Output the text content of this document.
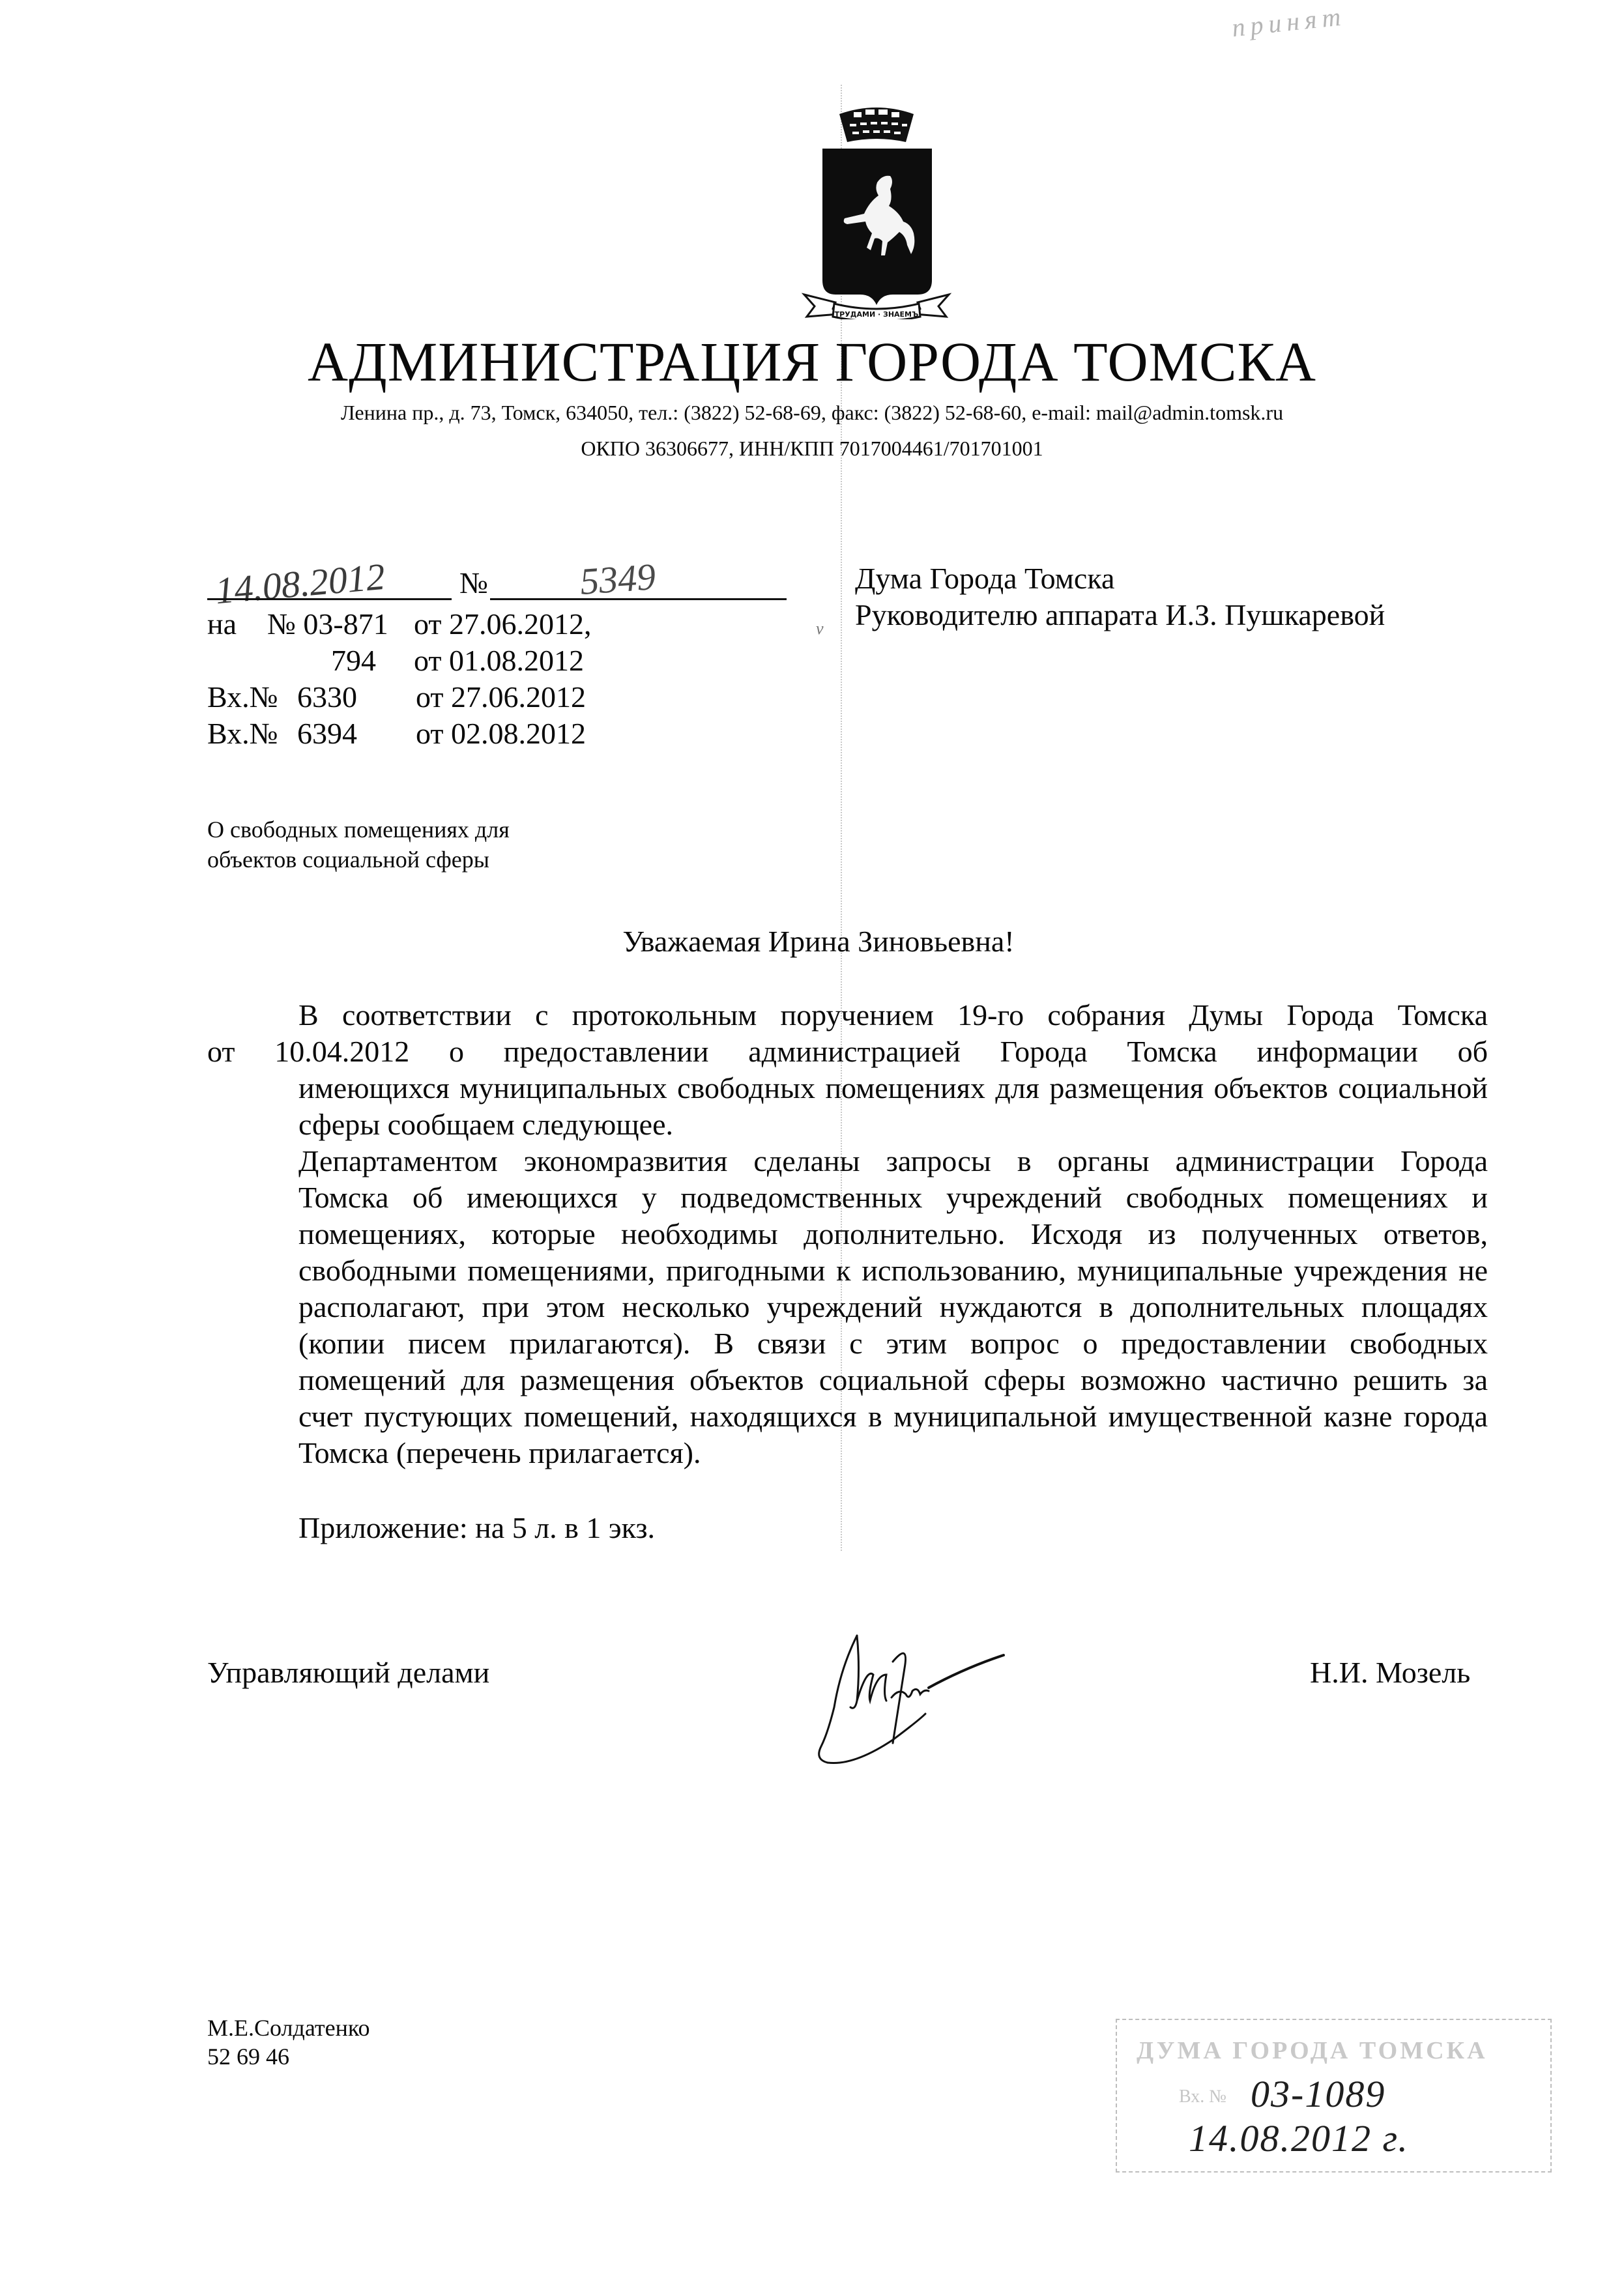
принят
ТРУДАМИ · ЗНАЕМЪ
АДМИНИСТРАЦИЯ ГОРОДА ТОМСКА
Ленина пр., д. 73, Томск, 634050, тел.: (3822) 52-68-69, факс: (3822) 52-68-60, e-mail: mail@admin.tomsk.ru
ОКПО 36306677, ИНН/КПП 7017004461/701701001
14.08.2012 № 5349
на	№ 03-871 от 27.06.2012,
794	от 01.08.2012
Вх.№ 6330	от 27.06.2012
Вх.№ 6394	от 02.08.2012
v
Дума Города Томска
Руководителю аппарата И.З. Пушкаревой
О свободных помещениях для
объектов социальной сферы
Уважаемая Ирина Зиновьевна!

В соответствии с протокольным поручением 19-го собрания Думы Города Томска
от 10.04.2012 о предоставлении администрацией Города Томска информации об
имеющихся муниципальных свободных помещениях для размещения объектов социальной
сферы сообщаем следующее.

Департаментом экономразвития сделаны запросы в органы администрации Города
Томска об имеющихся у подведомственных учреждений свободных помещениях и
помещениях, которые необходимы дополнительно. Исходя из полученных ответов,
свободными помещениями, пригодными к использованию, муниципальные учреждения не
располагают, при этом несколько учреждений нуждаются в дополнительных площадях
(копии писем прилагаются). В связи с этим вопрос о предоставлении свободных
помещений для размещения объектов социальной сферы возможно частично решить за
счет пустующих помещений, находящихся в муниципальной имущественной казне города
Томска (перечень прилагается).

Приложение: на 5 л. в 1 экз.
Управляющий делами	Н.И. Мозель
М.Е.Солдатенко
52 69 46	ДУМА ГОРОДА ТОМСКА
Вх. № 03-1089
14.08.2012 г.
